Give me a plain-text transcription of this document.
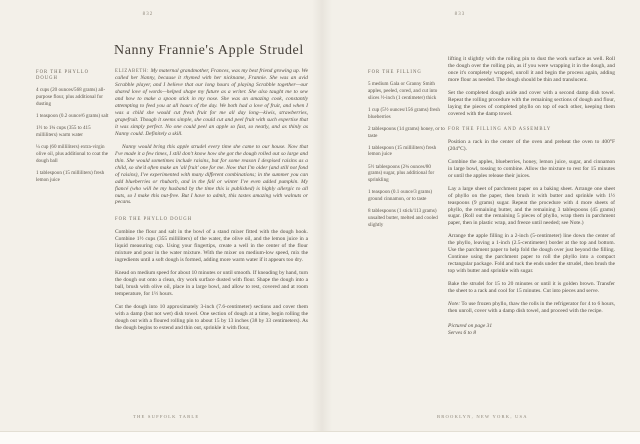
832
Nanny Frannie's Apple Strudel
FOR THE PHYLLO DOUGH
4 cups (20 ounces/568 grams) all-purpose flour, plus additional for dusting
1 teaspoon (0.2 ounce/6 grams) salt
1½ to 1¾ cups (355 to 415 milliliters) warm water
¼ cup (60 milliliters) extra-virgin olive oil, plus additional to coat the dough ball
1 tablespoon (15 milliliters) fresh lemon juice

ELIZABETH: My maternal grandmother, Frances, was my best friend growing up. We called her Nanny, because it rhymed with her nickname, Frannie. She was an avid Scrabble player, and I believe that our long hours of playing Scrabble together—our shared love of words—helped shape my future as a writer. She also taught me to sew and how to make a spoon stick in my nose. She was an amazing cook, constantly attempting to feed you at all hours of the day. We both had a love of fruit, and when I was a child she would cut fresh fruit for me all day long—kiwis, strawberries, grapefruit. Though it seems simple, she could cut and peel fruit with such expertise that it was simply perfect. No one could peel an apple so fast, so neatly, and as thinly as Nanny could. Definitely a skill.

Nanny would bring this apple strudel every time she came to our house. Now that I've made it a few times, I still don't know how she got the dough rolled out so large and thin. She would sometimes include raisins, but for some reason I despised raisins as a child, so she'd often make an 'all fruit' one for me. Now that I'm older (and still not fond of raisins), I've experimented with many different combinations; in the summer you can add blueberries or rhubarb, and in the fall or winter I've even added pumpkin. My fiancé (who will be my husband by the time this is published) is highly allergic to all nuts, so I make this nut-free. But I have to admit, this tastes amazing with walnuts or pecans.

FOR THE PHYLLO DOUGH

Combine the flour and salt in the bowl of a stand mixer fitted with the dough hook. Combine 1½ cups (355 milliliters) of the water, the olive oil, and the lemon juice in a liquid measuring cup. Using your fingertips, create a well in the center of the flour mixture and pour in the water mixture. With the mixer on medium-low speed, mix the ingredients until a soft dough is formed, adding more warm water if it appears too dry.

Knead on medium speed for about 10 minutes or until smooth. If kneading by hand, turn the dough out onto a clean, dry work surface dusted with flour. Shape the dough into a ball, brush with olive oil, place in a large bowl, and allow to rest, covered and at room temperature, for 1½ hours.

Cut the dough into 10 approximately 3-inch (7.6-centimeter) sections and cover them with a damp (but not wet) dish towel. One section of dough at a time, begin rolling the dough out with a floured rolling pin to about 15 by 13 inches (38 by 33 centimeters). As the dough begins to extend and thin out, sprinkle it with flour,

THE SUFFOLK TABLE
833
FOR THE FILLING
5 medium Gala or Granny Smith apples, peeled, cored, and cut into slices ½-inch (1 centimeter) thick
1 cup (5½ ounces/156 grams) fresh blueberries
2 tablespoons (14 grams) honey, or to taste
1 tablespoon (15 milliliters) fresh lemon juice
5½ tablespoons (2¾ ounces/80 grams) sugar, plus additional for sprinkling
1 teaspoon (0.1 ounce/3 grams) ground cinnamon, or to taste
8 tablespoons (1 stick/113 grams) unsalted butter, melted and cooled slightly

lifting it slightly with the rolling pin to dust the work surface as well. Roll the dough over the rolling pin, as if you were wrapping it in the dough, and once it's completely wrapped, unroll it and begin the process again, adding more flour as needed. The dough should be thin and translucent.

Set the completed dough aside and cover with a second damp dish towel. Repeat the rolling procedure with the remaining sections of dough and flour, laying the pieces of completed phyllo on top of each other, keeping them covered with the damp towel.

FOR THE FILLING AND ASSEMBLY

Position a rack in the center of the oven and preheat the oven to 400°F (204°C).

Combine the apples, blueberries, honey, lemon juice, sugar, and cinnamon in large bowl, tossing to combine. Allow the mixture to rest for 15 minutes or until the apples release their juices.

Lay a large sheet of parchment paper on a baking sheet. Arrange one sheet of phyllo on the paper, then brush it with butter and sprinkle with 1½ teaspoons (9 grams) sugar. Repeat the procedure with 4 more sheets of phyllo, the remaining butter, and the remaining 3 tablespoons (45 grams) sugar. (Roll out the remaining 5 pieces of phyllo, wrap them in parchment paper, then in plastic wrap, and freeze until needed; see Note.)

Arrange the apple filling in a 2-inch (5-centimeter) line down the center of the phyllo, leaving a 1-inch (2.5-centimeter) border at the top and bottom. Use the parchment paper to help fold the dough over just beyond the filling. Continue using the parchment paper to roll the phyllo into a compact rectangular package. Fold and tuck the ends under the strudel, then brush the top with butter and sprinkle with sugar.

Bake the strudel for 15 to 20 minutes or until it is golden brown. Transfer the sheet to a rack and cool for 15 minutes. Cut into pieces and serve.

Note: To use frozen phyllo, thaw the rolls in the refrigerator for 4 to 6 hours, then unroll, cover with a damp dish towel, and proceed with the recipe.

Pictured on page 31

Serves 6 to 8

BROOKLYN, NEW YORK, USA
